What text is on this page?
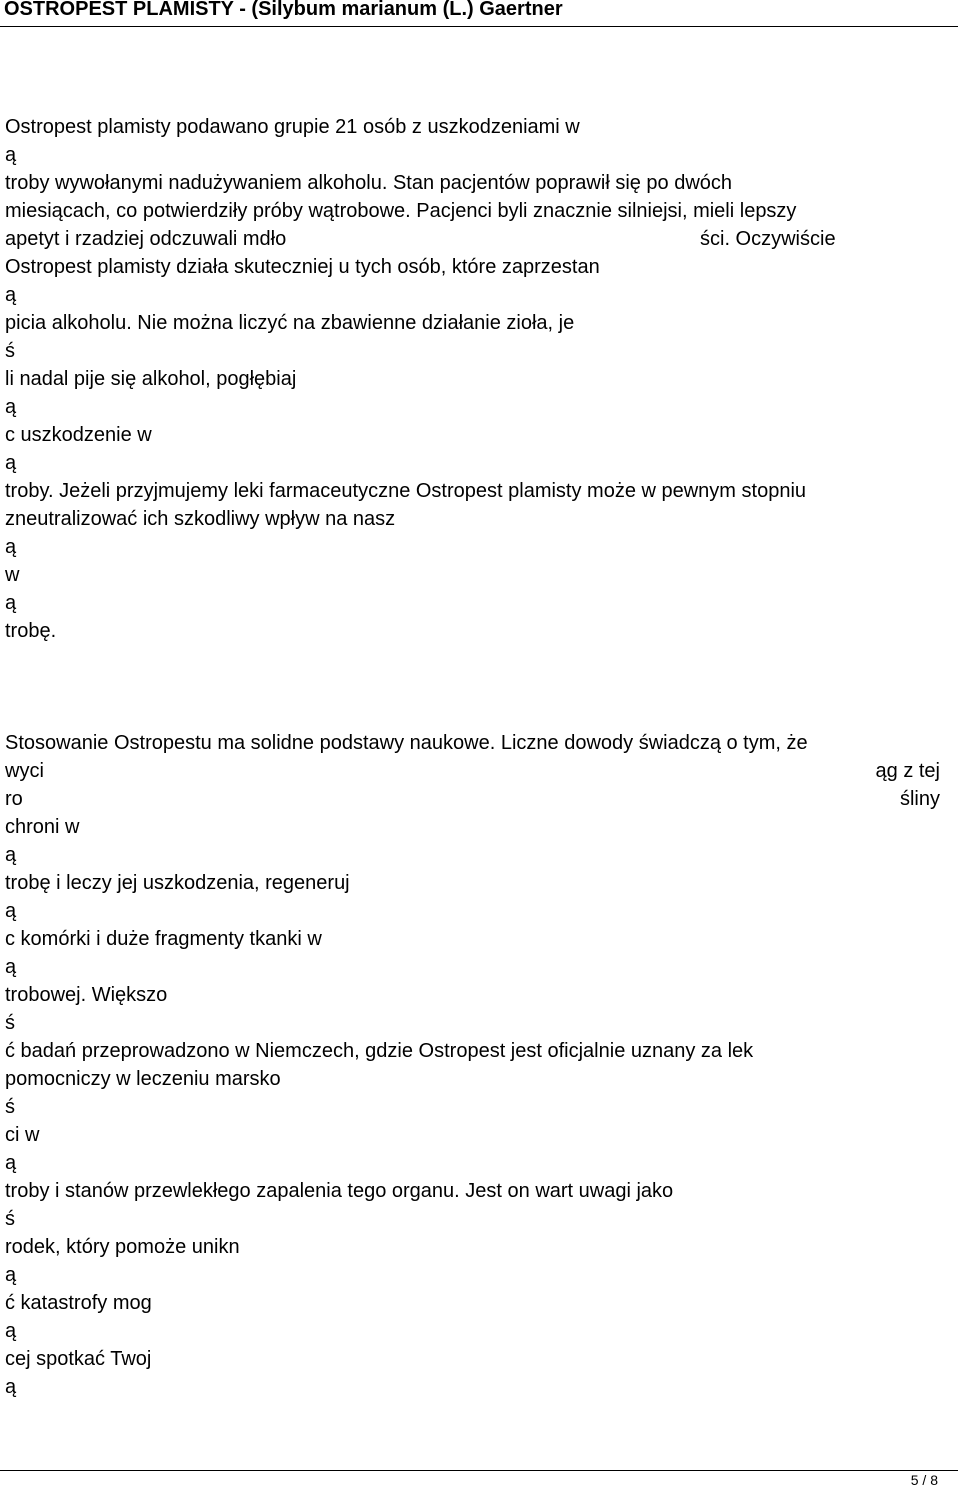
OSTROPEST PLAMISTY - (Silybum marianum (L.) Gaertner
Ostropest plamisty podawano grupie 21 osób z uszkodzeniami w
ą
troby wywołanymi nadużywaniem alkoholu. Stan pacjentów poprawił się po dwóch
miesiącach, co potwierdziły próby wątrobowe. Pacjenci byli znacznie silniejsi, mieli lepszy
apetyt i rzadziej odczuwali mdło	ści. Oczywiście
Ostropest plamisty działa skuteczniej u tych osób, które zaprzestan
ą
picia alkoholu. Nie można liczyć na zbawienne działanie zioła, je
ś
li nadal pije się alkohol, pogłębiaj
ą
c uszkodzenie w
ą
troby. Jeżeli przyjmujemy leki farmaceutyczne Ostropest plamisty może w pewnym stopniu
zneutralizować ich szkodliwy wpływ na nasz
ą
w
ą
trobę.
Stosowanie Ostropestu ma solidne podstawy naukowe. Liczne dowody świadczą o tym, że
wyci	ąg z tej
ro	śliny
chroni w
ą
trobę i leczy jej uszkodzenia, regeneruj
ą
c komórki i duże fragmenty tkanki w
ą
trobowej. Większo
ś
ć badań przeprowadzono w Niemczech, gdzie Ostropest jest oficjalnie uznany za lek
pomocniczy w leczeniu marsko
ś
ci w
ą
troby i stanów przewlekłego zapalenia tego organu. Jest on wart uwagi jako
ś
rodek, który pomoże unikn
ą
ć katastrofy mog
ą
cej spotkać Twoj
ą
5 / 8
